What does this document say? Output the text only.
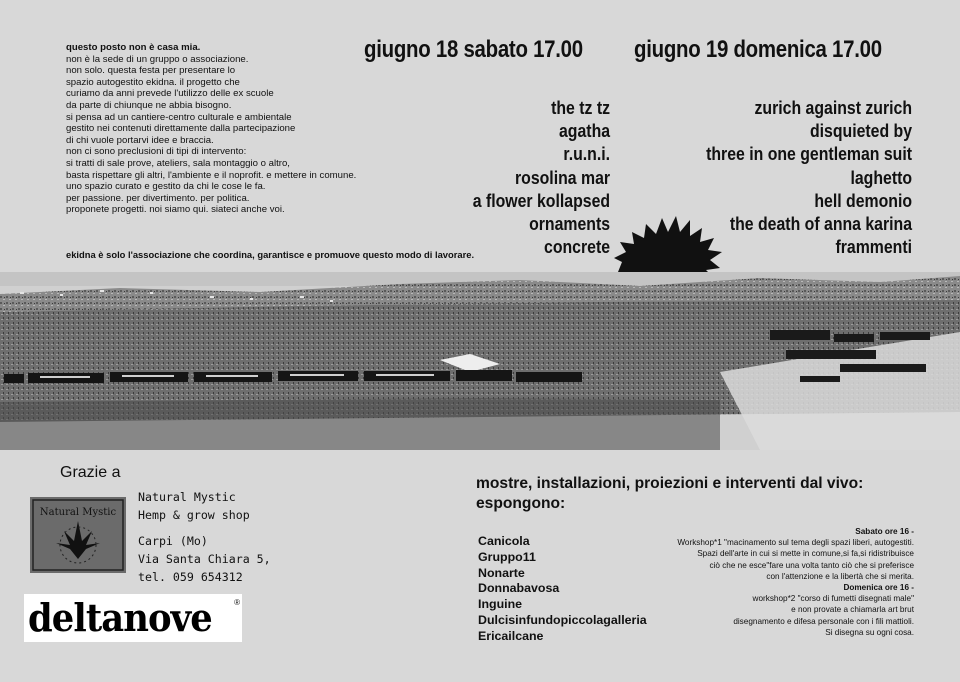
questo posto non è casa mia.
non è la sede di un gruppo o associazione.
non solo. questa festa per presentare lo
spazio autogestito ekidna. il progetto che
curiamo da anni prevede l'utilizzo delle ex scuole
da parte di chiunque ne abbia bisogno.
si pensa ad un cantiere-centro culturale e ambientale
gestito nei contenuti direttamente dalla partecipazione
di chi vuole portarvi idee e braccia.
non ci sono preclusioni di tipi di intervento:
si tratti di sale prove, ateliers, sala montaggio o altro,
basta rispettare gli altri, l'ambiente e il noprofit. e mettere in comune.
uno spazio curato e gestito da chi le cose le fa.
per passione. per divertimento. per politica.
proponete progetti. noi siamo qui. siateci anche voi.
ekidna è solo l'associazione che coordina, garantisce e promuove questo modo di lavorare.
giugno 18 sabato 17.00 giugno 19 domenica 17.00
the tz tz
agatha
r.u.n.i.
rosolina mar
a flower kollapsed
ornaments
concrete
zurich against zurich
disquieted by
three in one gentleman suit
laghetto
hell demonio
the death of anna karina
frammenti
Grazie a
Natural Mystic
Natural Mystic
Hemp & grow shop
Carpi (Mo)
Via Santa Chiara 5,
tel. 059 654312
deltanove	®
mostre, installazioni, proiezioni e interventi dal vivo:
espongono:
Canicola
Gruppo11
Nonarte
Donnabavosa
Inguine
Dulcisinfundopiccolagalleria
Ericailcane
Sabato ore 16 -
Workshop*1 "macinamento sul tema degli spazi liberi, autogestiti.
Spazi dell'arte in cui si mette in comune,si fa,si ridistribuisce
ciò che ne esce"fare una volta tanto ciò che si preferisce
con l'attenzione e la libertà che si merita.
Domenica ore 16 -
workshop*2 "corso di fumetti disegnati male"
e non provate a chiamarla art brut
disegnamento e difesa personale con i fili mattioli.
Si disegna su ogni cosa.
